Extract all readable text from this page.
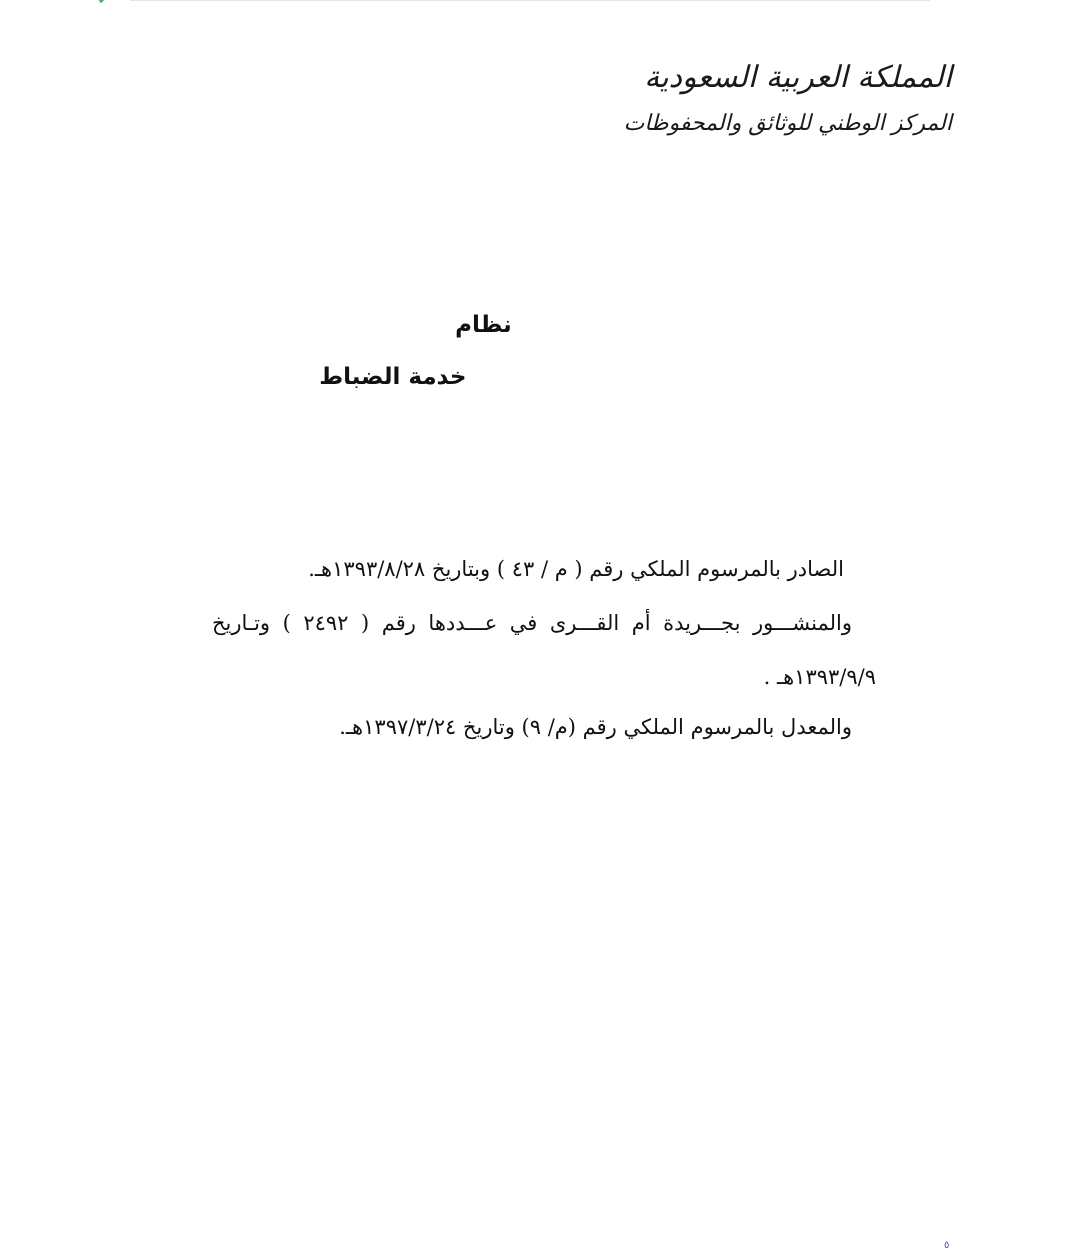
المملكة العربية السعودية
المركز الوطني للوثائق والمحفوظات
نظام
خدمة الضباط
الصادر بالمرسوم الملكي رقم ( م / ٤٣ ) وبتاريخ ١٣٩٣/٨/٢٨هـ.
والمنشـــور بجـــريدة أم القـــرى في عـــددها رقم ( ٢٤٩٢ ) وتـاريخ
١٣٩٣/٩/٩هـ .
والمعدل بالمرسوم الملكي رقم (م/ ٩) وتاريخ ١٣٩٧/٣/٢٤هـ.
٥
